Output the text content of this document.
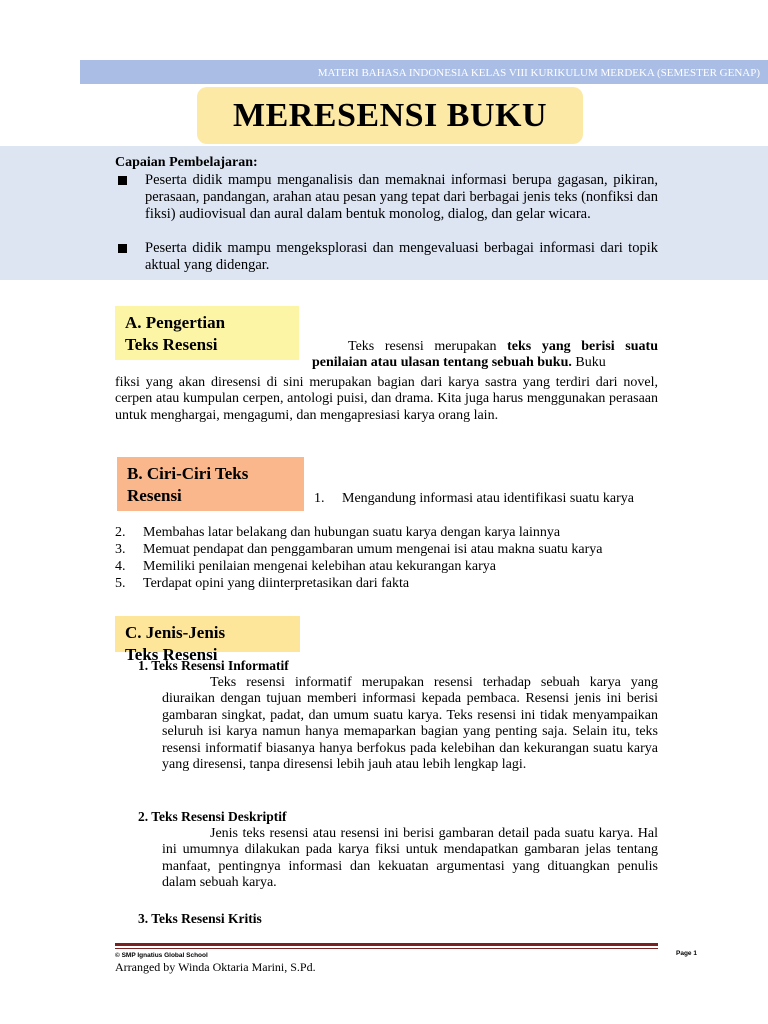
MATERI BAHASA INDONESIA KELAS VIII KURIKULUM MERDEKA (SEMESTER GENAP)
MERESENSI BUKU
Capaian Pembelajaran:
Peserta didik mampu menganalisis dan memaknai informasi berupa gagasan, pikiran, perasaan, pandangan, arahan atau pesan yang tepat dari berbagai jenis teks (nonfiksi dan fiksi) audiovisual dan aural dalam bentuk monolog, dialog, dan gelar wicara.
Peserta didik mampu mengeksplorasi dan mengevaluasi berbagai informasi dari topik aktual yang didengar.
A. Pengertian
Teks Resensi	Teks resensi merupakan teks yang berisi suatu penilaian atau ulasan tentang sebuah buku. Buku
fiksi yang akan diresensi di sini merupakan bagian dari karya sastra yang terdiri dari novel, cerpen atau kumpulan cerpen, antologi puisi, dan drama. Kita juga harus menggunakan perasaan untuk menghargai, mengagumi, dan mengapresiasi karya orang lain.
B. Ciri-Ciri Teks
Resensi	1. Mengandung informasi atau identifikasi suatu karya
2. Membahas latar belakang dan hubungan suatu karya dengan karya lainnya
3. Memuat pendapat dan penggambaran umum mengenai isi atau makna suatu karya
4. Memiliki penilaian mengenai kelebihan atau kekurangan karya
5. Terdapat opini yang diinterpretasikan dari fakta
C. Jenis-Jenis
Teks Resensi
1. Teks Resensi Informatif
Teks resensi informatif merupakan resensi terhadap sebuah karya yang diuraikan dengan tujuan memberi informasi kepada pembaca. Resensi jenis ini berisi gambaran singkat, padat, dan umum suatu karya. Teks resensi ini tidak menyampaikan seluruh isi karya namun hanya memaparkan bagian yang penting saja. Selain itu, teks resensi informatif biasanya hanya berfokus pada kelebihan dan kekurangan suatu karya yang diresensi, tanpa diresensi lebih jauh atau lebih lengkap lagi.
2. Teks Resensi Deskriptif
Jenis teks resensi atau resensi ini berisi gambaran detail pada suatu karya. Hal ini umumnya dilakukan pada karya fiksi untuk mendapatkan gambaran jelas tentang manfaat, pentingnya informasi dan kekuatan argumentasi yang dituangkan penulis dalam sebuah karya.
3. Teks Resensi Kritis
© SMP Ignatius Global School	Page 1
Arranged by Winda Oktaria Marini, S.Pd.
